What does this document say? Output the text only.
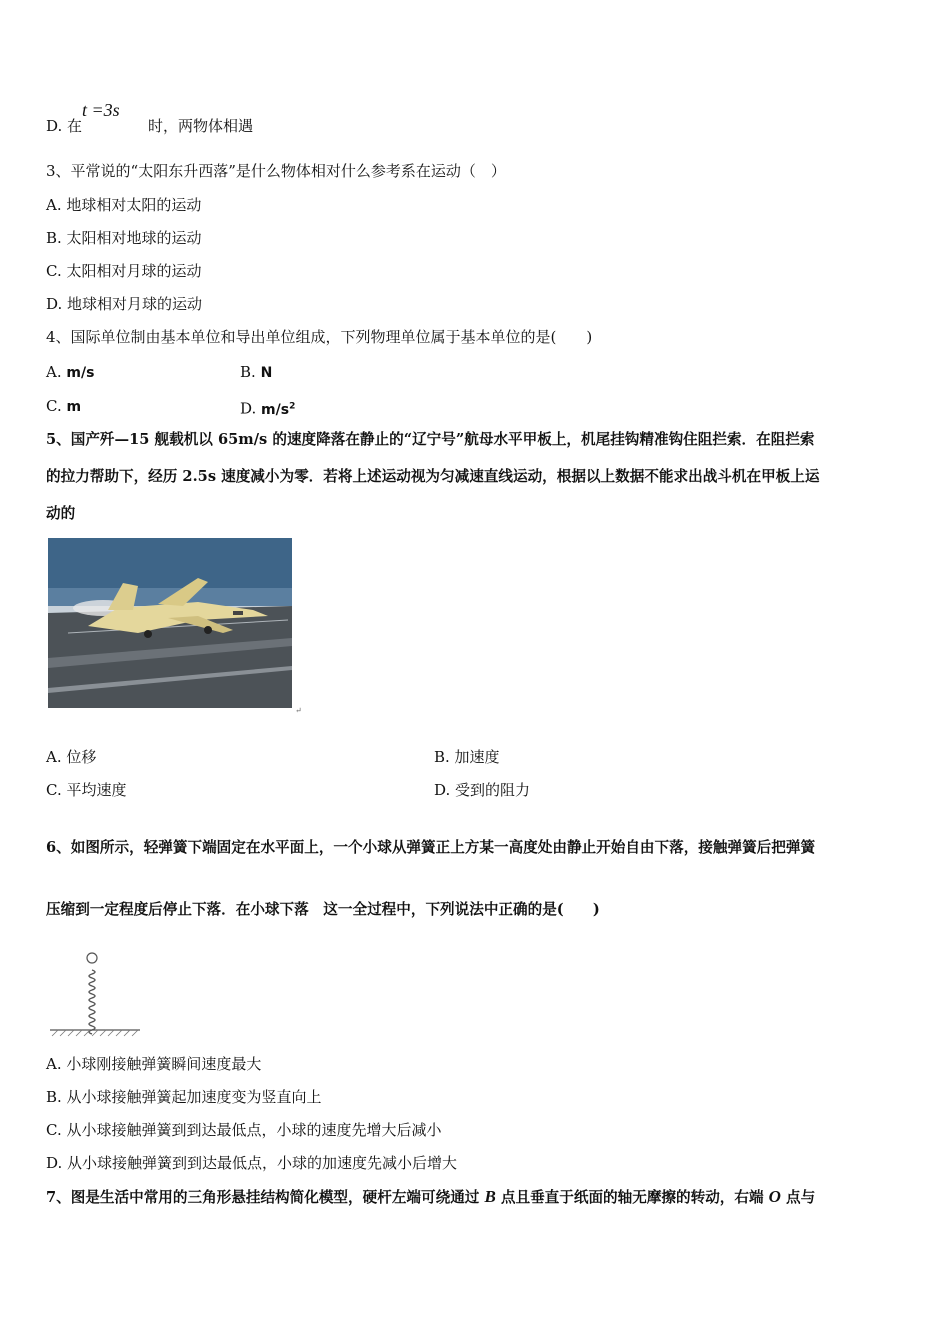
D. 在	时，两物体相遇
t =3s
3、平常说的“太阳东升西落”是什么物体相对什么参考系在运动（　）
A. 地球相对太阳的运动
B. 太阳相对地球的运动
C. 太阳相对月球的运动
D. 地球相对月球的运动
4、国际单位制由基本单位和导出单位组成，下列物理单位属于基本单位的是(　　)
A. m/s	B. N
C. m	D. $m/s^2$
5、国产歼—15 舰载机以 65m/s 的速度降落在静止的“辽宁号”航母水平甲板上，机尾挂钩精准钩住阻拦索．在阻拦索
的拉力帮助下，经历 2.5s 速度减小为零．若将上述运动视为匀减速直线运动，根据以上数据不能求出战斗机在甲板上运
动的
↵
A. 位移	B. 加速度
C. 平均速度	D. 受到的阻力
6、如图所示，轻弹簧下端固定在水平面上，一个小球从弹簧正上方某一高度处由静止开始自由下落，接触弹簧后把弹簧
压缩到一定程度后停止下落．在小球下落　这一全过程中，下列说法中正确的是(　　)
A. 小球刚接触弹簧瞬间速度最大
B. 从小球接触弹簧起加速度变为竖直向上
C. 从小球接触弹簧到到达最低点，小球的速度先增大后减小
D. 从小球接触弹簧到到达最低点，小球的加速度先减小后增大
7、图是生活中常用的三角形悬挂结构简化模型，硬杆左端可绕通过 B 点且垂直于纸面的轴无摩擦的转动，右端 O 点与
